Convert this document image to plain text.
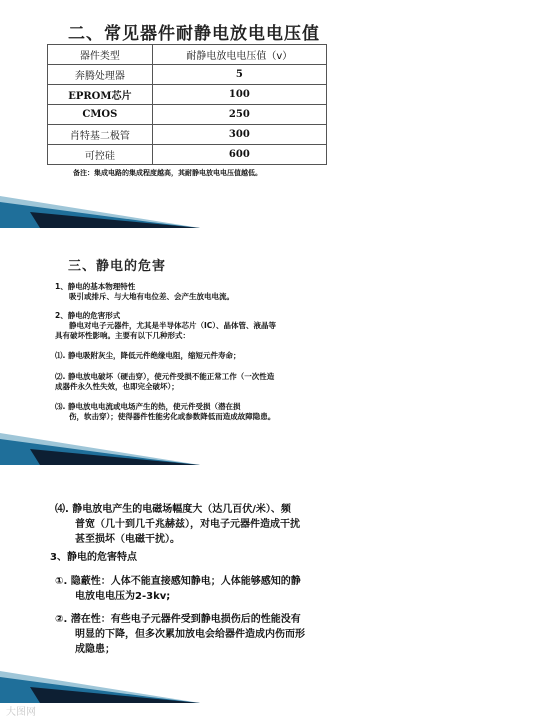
二、常见器件耐静电放电电压值
器件类型	耐静电放电电压值（v）
奔腾处理器	5
EPROM芯片	100
CMOS	250
肖特基二极管	300
可控硅	600
备注：集成电路的集成程度越高，其耐静电放电电压值越低。
三、静电的危害
1、静电的基本物理特性
吸引或排斥、与大地有电位差、会产生放电电流。
2、静电的危害形式
静电对电子元器件，尤其是半导体芯片（IC）、晶体管、液晶等
具有破坏性影响。主要有以下几种形式：
⑴. 静电吸附灰尘，降低元件绝缘电阻，缩短元件寿命；
⑵. 静电放电破坏（硬击穿），使元件受损不能正常工作（一次性造
成器件永久性失效，也即完全破坏）；
⑶. 静电放电电流或电场产生的热，使元件受损（潜在损
伤，软击穿）；使得器件性能劣化或参数降低而造成故障隐患。
⑷. 静电放电产生的电磁场幅度大（达几百伏/米）、频
普宽（几十到几千兆赫兹），对电子元器件造成干扰
甚至损坏（电磁干扰）。
3、静电的危害特点
①. 隐蔽性：人体不能直接感知静电；人体能够感知的静
电放电电压为2-3kv;
②. 潜在性：有些电子元器件受到静电损伤后的性能没有
明显的下降，但多次累加放电会给器件造成内伤而形
成隐患；
大图网
